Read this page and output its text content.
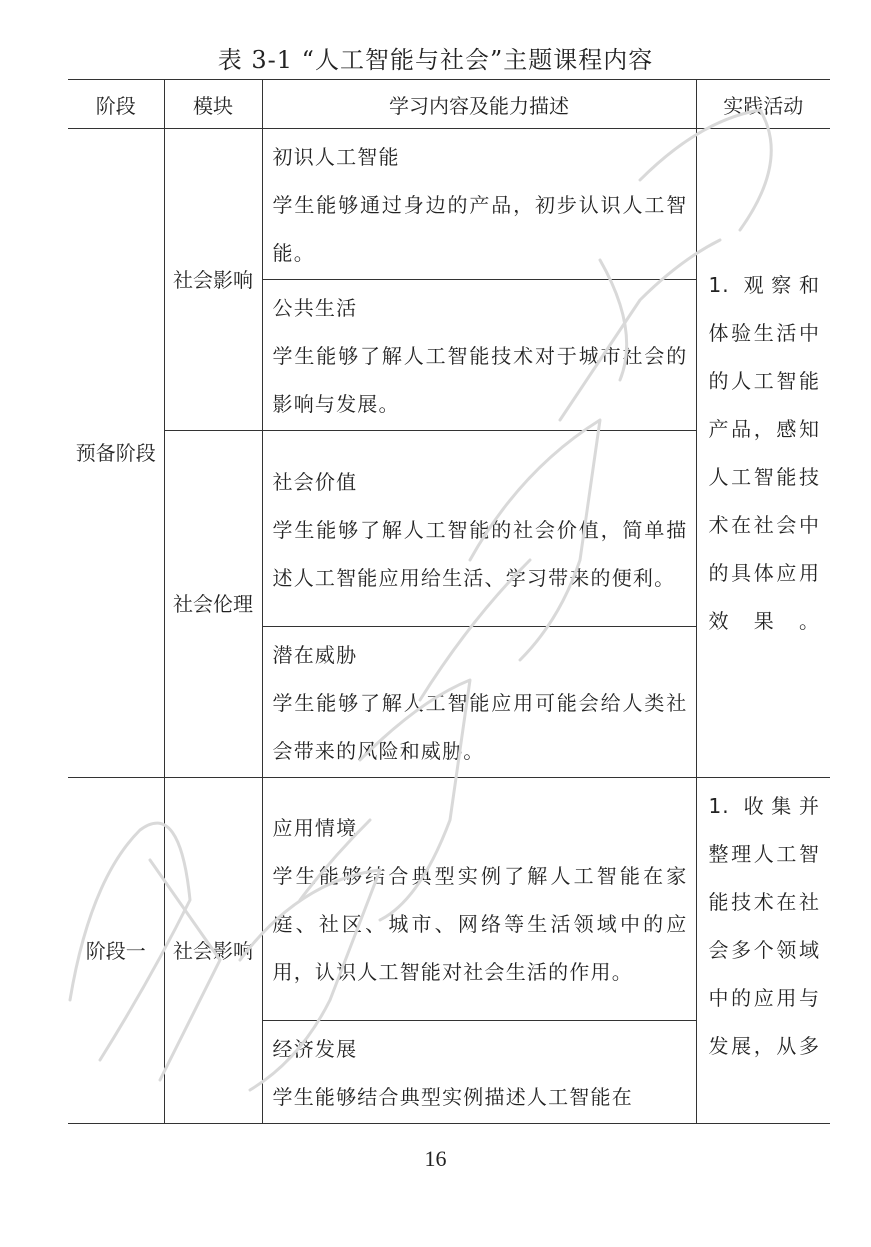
表 3-1 “人工智能与社会”主题课程内容
阶段	模块	学习内容及能力描述	实践活动

预备阶段	社会影响	初识人工智能
学生能够通过身边的产品，初步认识人工智能。	1. 观察和体验生活中的人工智能产品，感知人工智能技术在社会中的具体应用效果。

		公共生活
学生能够了解人工智能技术对于城市社会的影响与发展。	

	社会伦理	社会价值
学生能够了解人工智能的社会价值，简单描述人工智能应用给生活、学习带来的便利。	

		潜在威胁
学生能够了解人工智能应用可能会给人类社会带来的风险和威胁。	

阶段一	社会影响	应用情境
学生能够结合典型实例了解人工智能在家庭、社区、城市、网络等生活领域中的应用，认识人工智能对社会生活的作用。	1. 收集并整理人工智能技术在社会多个领域中的应用与发展，从多

		经济发展
学生能够结合典型实例描述人工智能在	
16
